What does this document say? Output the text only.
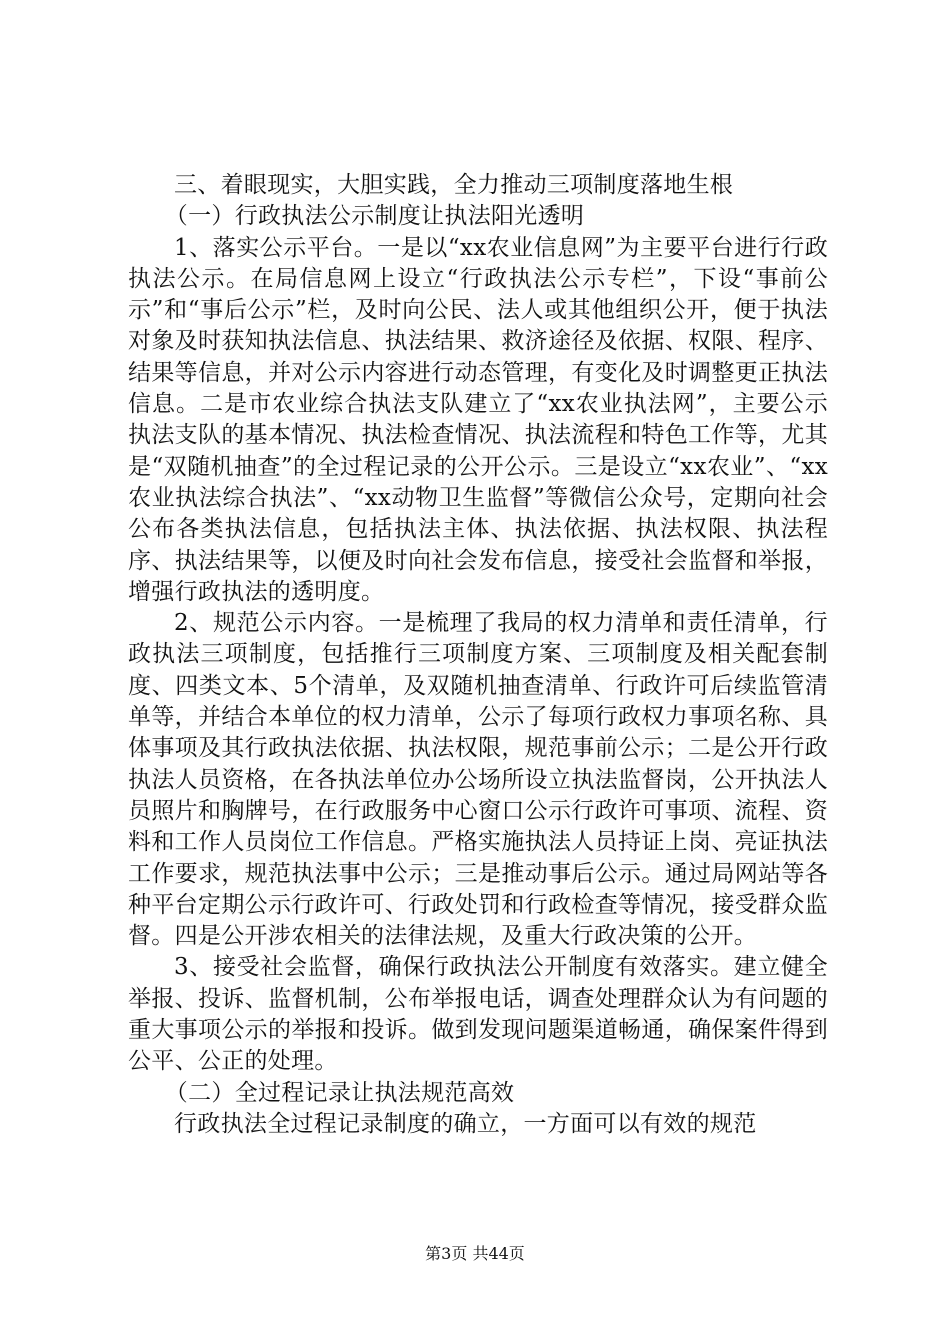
三、着眼现实，大胆实践，全力推动三项制度落地生根

（一）行政执法公示制度让执法阳光透明

1、落实公示平台。一是以“xx农业信息网”为主要平台进行行政执法公示。在局信息网上设立“行政执法公示专栏”，下设“事前公示”和“事后公示”栏，及时向公民、法人或其他组织公开，便于执法对象及时获知执法信息、执法结果、救济途径及依据、权限、程序、结果等信息，并对公示内容进行动态管理，有变化及时调整更正执法信息。二是市农业综合执法支队建立了“xx农业执法网”，主要公示执法支队的基本情况、执法检查情况、执法流程和特色工作等，尤其是“双随机抽查”的全过程记录的公开公示。三是设立“xx农业”、“xx农业执法综合执法”、“xx动物卫生监督”等微信公众号，定期向社会公布各类执法信息，包括执法主体、执法依据、执法权限、执法程序、执法结果等，以便及时向社会发布信息，接受社会监督和举报，增强行政执法的透明度。

2、规范公示内容。一是梳理了我局的权力清单和责任清单，行政执法三项制度，包括推行三项制度方案、三项制度及相关配套制度、四类文本、5个清单，及双随机抽查清单、行政许可后续监管清单等，并结合本单位的权力清单，公示了每项行政权力事项名称、具体事项及其行政执法依据、执法权限，规范事前公示；二是公开行政执法人员资格，在各执法单位办公场所设立执法监督岗，公开执法人员照片和胸牌号，在行政服务中心窗口公示行政许可事项、流程、资料和工作人员岗位工作信息。严格实施执法人员持证上岗、亮证执法工作要求，规范执法事中公示；三是推动事后公示。通过局网站等各种平台定期公示行政许可、行政处罚和行政检查等情况，接受群众监督。四是公开涉农相关的法律法规，及重大行政决策的公开。

3、接受社会监督，确保行政执法公开制度有效落实。建立健全举报、投诉、监督机制，公布举报电话，调查处理群众认为有问题的重大事项公示的举报和投诉。做到发现问题渠道畅通，确保案件得到公平、公正的处理。

（二）全过程记录让执法规范高效

行政执法全过程记录制度的确立，一方面可以有效的规范

第3页 共44页
